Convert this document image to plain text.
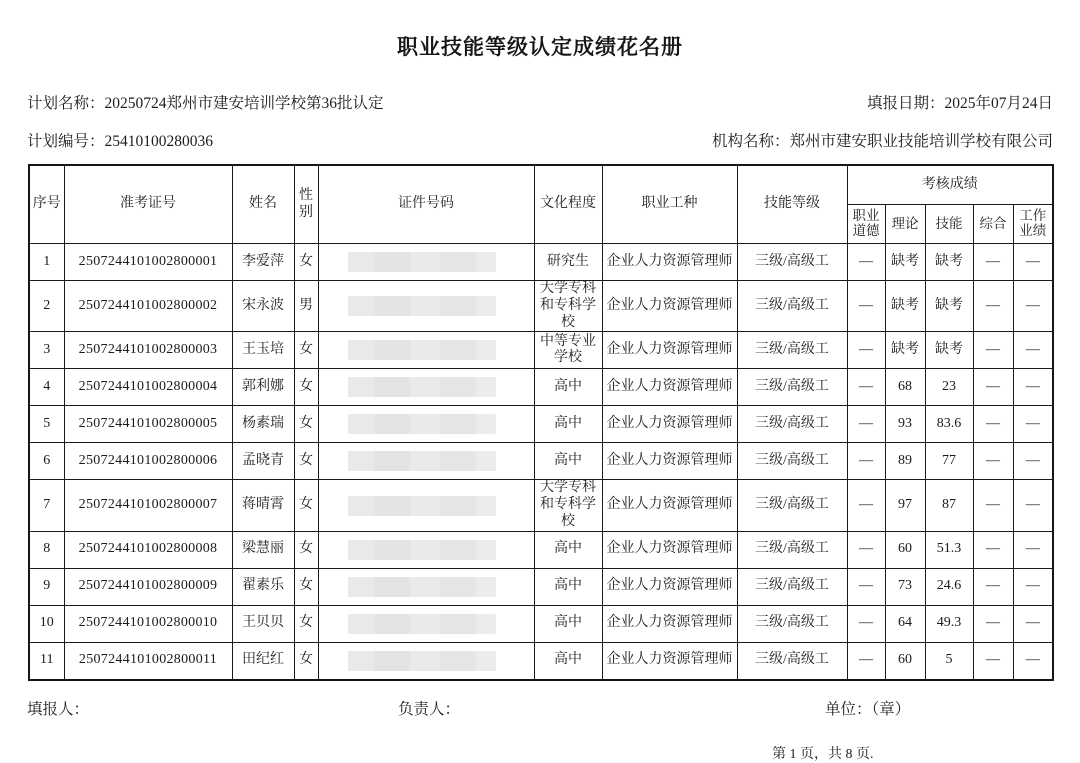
职业技能等级认定成绩花名册
计划名称：20250724郑州市建安培训学校第36批认定	填报日期：2025年07月24日
计划编号：25410100280036	机构名称：郑州市建安职业技能培训学校有限公司
序号	准考证号	姓名	性别	证件号码	文化程度	职业工种	技能等级	考核成绩				
								职业道德	理论	技能	综合	工作业绩
1	2507244101002800001	李爱萍	女		研究生	企业人力资源管理师	三级/高级工	—	缺考	缺考	—	—
2	2507244101002800002	宋永波	男		大学专科和专科学校	企业人力资源管理师	三级/高级工	—	缺考	缺考	—	—
3	2507244101002800003	王玉培	女		中等专业学校	企业人力资源管理师	三级/高级工	—	缺考	缺考	—	—
4	2507244101002800004	郭利娜	女		高中	企业人力资源管理师	三级/高级工	—	68	23	—	—
5	2507244101002800005	杨素瑞	女		高中	企业人力资源管理师	三级/高级工	—	93	83.6	—	—
6	2507244101002800006	孟晓青	女		高中	企业人力资源管理师	三级/高级工	—	89	77	—	—
7	2507244101002800007	蒋晴霄	女		大学专科和专科学校	企业人力资源管理师	三级/高级工	—	97	87	—	—
8	2507244101002800008	梁慧丽	女		高中	企业人力资源管理师	三级/高级工	—	60	51.3	—	—
9	2507244101002800009	翟素乐	女		高中	企业人力资源管理师	三级/高级工	—	73	24.6	—	—
10	2507244101002800010	王贝贝	女		高中	企业人力资源管理师	三级/高级工	—	64	49.3	—	—
11	2507244101002800011	田纪红	女		高中	企业人力资源管理师	三级/高级工	—	60	5	—	—
填报人：	负责人：	单位：（章）
第 1 页，共 8 页.
